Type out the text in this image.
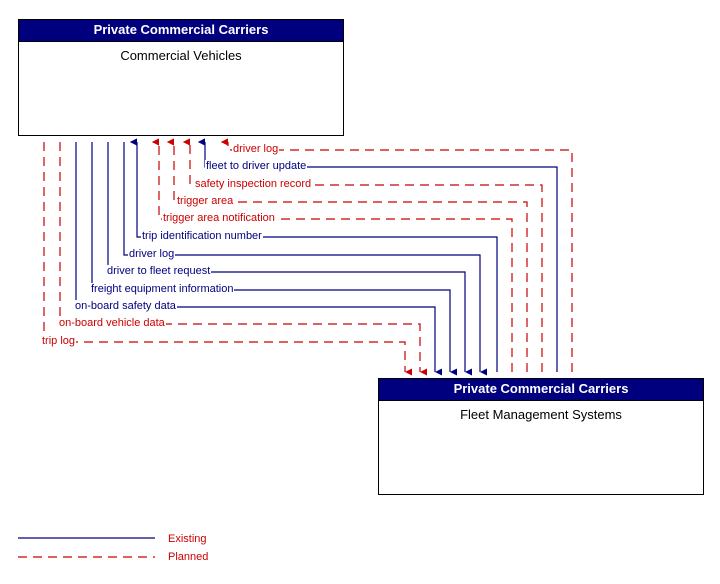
Private Commercial Carriers
Commercial Vehicles
Private Commercial Carriers
Fleet Management Systems
driver log
fleet to driver update
safety inspection record
trigger area
trigger area notification
trip identification number
driver log
driver to fleet request
freight equipment information
on-board safety data
on-board vehicle data
trip log
Existing
Planned
